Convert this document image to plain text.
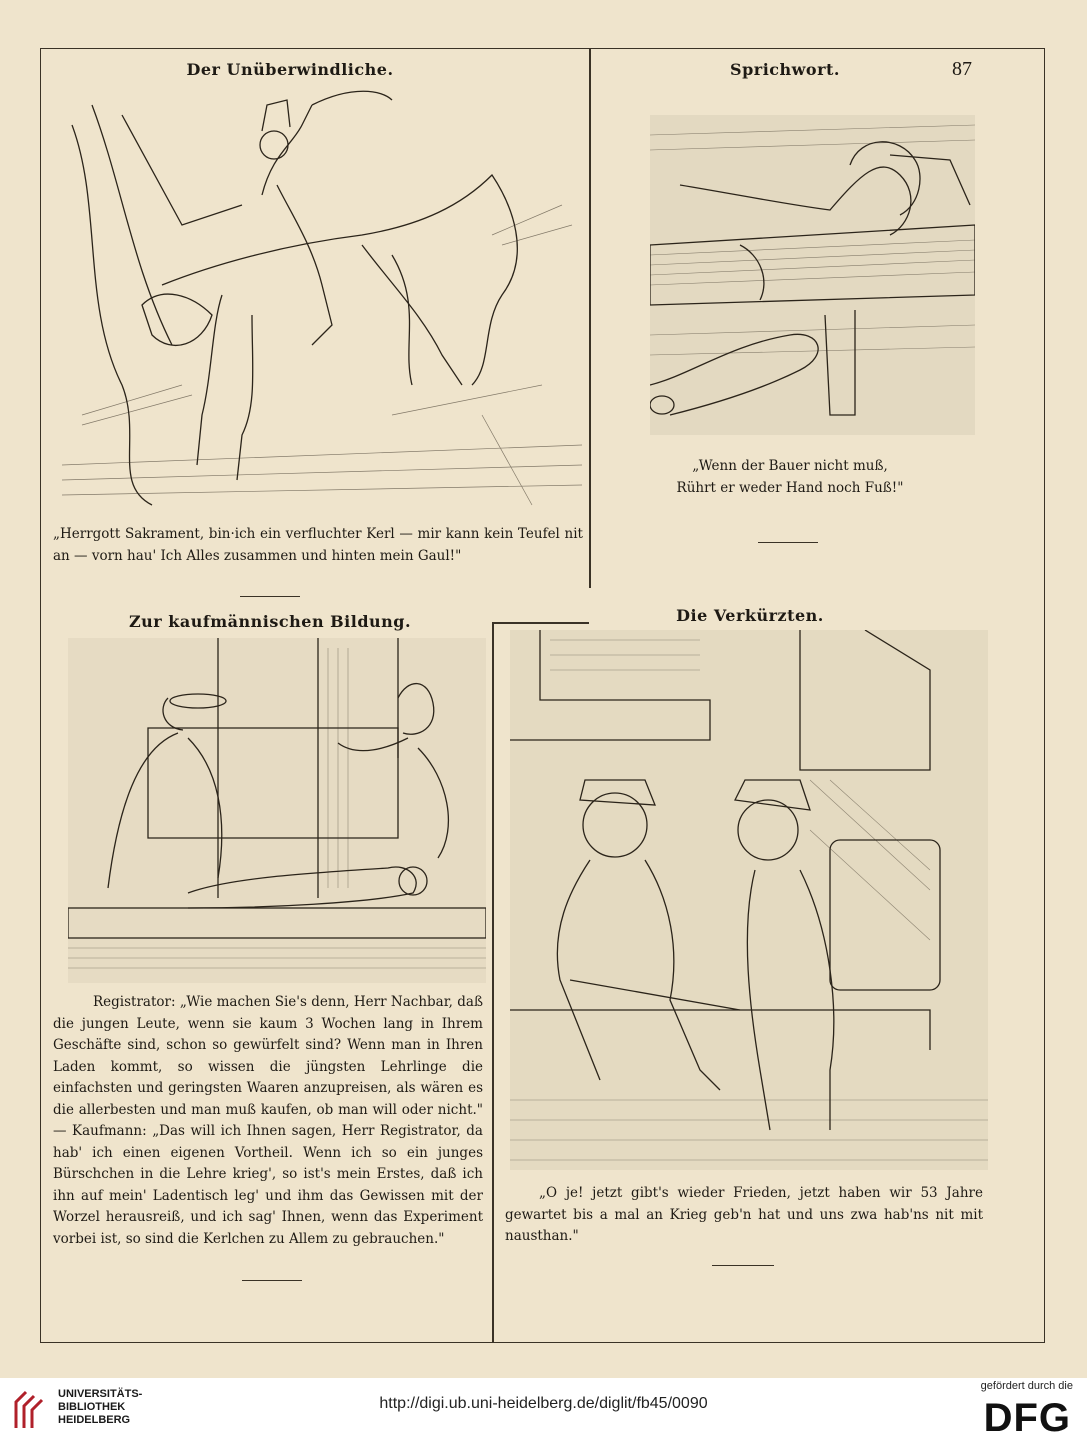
Der Unüberwindliche.

„Herrgott Sakrament, bin·ich ein verfluchter Kerl — mir kann kein Teufel nit an — vorn hau' Ich Alles zusammen und hinten mein Gaul!"

Sprichwort.	87

„Wenn der Bauer nicht muß,

Rührt er weder Hand noch Fuß!"

Zur kaufmännischen Bildung.

Registrator: „Wie machen Sie's denn, Herr Nachbar, daß die jungen Leute, wenn sie kaum 3 Wochen lang in Ihrem Geschäfte sind, schon so gewürfelt sind? Wenn man in Ihren Laden kommt, so wissen die jüngsten Lehrlinge die einfachsten und geringsten Waaren anzupreisen, als wären es die allerbesten und man muß kaufen, ob man will oder nicht." — Kaufmann: „Das will ich Ihnen sagen, Herr Registrator, da hab' ich einen eigenen Vortheil. Wenn ich so ein junges Bürschchen in die Lehre krieg', so ist's mein Erstes, daß ich ihn auf mein' Ladentisch leg' und ihm das Gewissen mit der Worzel herausreiß, und ich sag' Ihnen, wenn das Experiment vorbei ist, so sind die Kerlchen zu Allem zu gebrauchen."

Die Verkürzten.

„O je! jetzt gibt's wieder Frieden, jetzt haben wir 53 Jahre gewartet bis a mal an Krieg geb'n hat und uns zwa hab'ns nit mit nausthan."

UNIVERSITÄTS-
BIBLIOTHEK
HEIDELBERG
http://digi.ub.uni-heidelberg.de/diglit/fb45/0090
gefördert durch die
DFG
